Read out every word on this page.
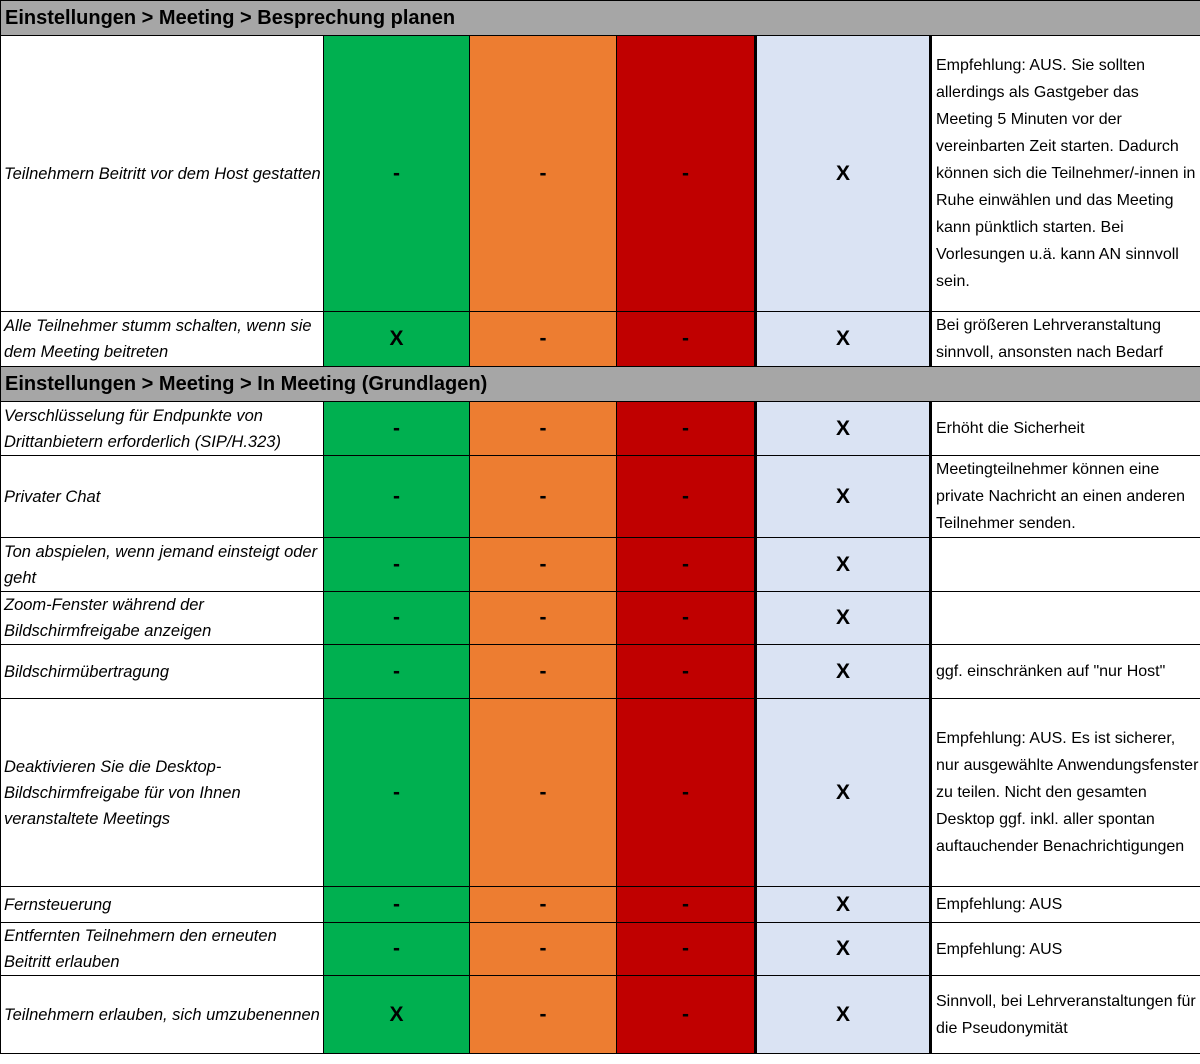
Einstellungen > Meeting > Besprechung planen					
Teilnehmern Beitritt vor dem Host gestatten	-	-	-	X	Empfehlung: AUS. Sie sollten allerdings als Gastgeber das Meeting 5 Minuten vor der vereinbarten Zeit starten. Dadurch können sich die Teilnehmer/-innen in Ruhe einwählen und das Meeting kann pünktlich starten. Bei Vorlesungen u.ä. kann AN sinnvoll sein.
Alle Teilnehmer stumm schalten, wenn sie dem Meeting beitreten	X	-	-	X	Bei größeren Lehrveranstaltung sinnvoll, ansonsten nach Bedarf
Einstellungen > Meeting > In Meeting (Grundlagen)					
Verschlüsselung für Endpunkte von Drittanbietern erforderlich (SIP/H.323)	-	-	-	X	Erhöht die Sicherheit
Privater Chat	-	-	-	X	Meetingteilnehmer können eine private Nachricht an einen anderen Teilnehmer senden.
Ton abspielen, wenn jemand einsteigt oder geht	-	-	-	X	
Zoom-Fenster während der Bildschirmfreigabe anzeigen	-	-	-	X	
Bildschirmübertragung	-	-	-	X	ggf. einschränken auf "nur Host"
Deaktivieren Sie die Desktop-Bildschirmfreigabe für von Ihnen veranstaltete Meetings	-	-	-	X	Empfehlung: AUS. Es ist sicherer, nur ausgewählte Anwendungsfenster zu teilen. Nicht den gesamten Desktop ggf. inkl. aller spontan auftauchender Benachrichtigungen
Fernsteuerung	-	-	-	X	Empfehlung: AUS
Entfernten Teilnehmern den erneuten Beitritt erlauben	-	-	-	X	Empfehlung: AUS
Teilnehmern erlauben, sich umzubenennen	X	-	-	X	Sinnvoll, bei Lehrveranstaltungen für die Pseudonymität
